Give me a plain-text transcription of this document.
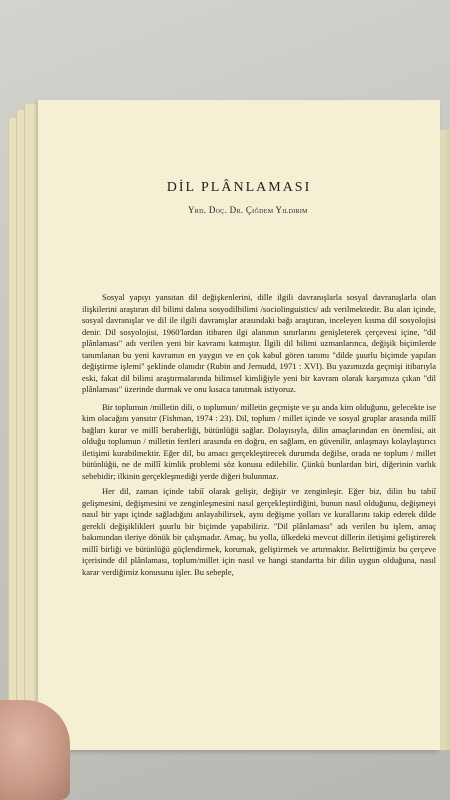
DİL PLÂNLAMASI
Yrd. Doç. Dr. Çiğdem Yıldırım

Sosyal yapıyı yansıtan dil değişkenlerini, dille ilgili davranışlarla sosyal davranışlarla olan ilişkilerini araştıran dil bilimi dalına sosyodilbilimi /sociolinguistics/ adı verilmektedir. Bu alan içinde, sosyal davranışlar ve dil ile ilgili davranışlar arasındaki bağı araştıran, inceleyen kısma dil sosyolojisi denir. Dil sosyolojisi, 1960'lardan itibaren ilgi alanının sınırlarını genişleterek çerçevesi içine, "dil plânlaması" adı verilen yeni bir kavramı katmıştır. İlgili dil bilimi uzmanlarınca, değişik biçimlerde tanımlanan bu yeni kavramın en yaygın ve en çok kabul gören tanımı "dilde şuurlu biçimde yapılan değiştirme işlemi" şeklinde olanıdır (Rubin and Jernudd, 1971 : XVI). Bu yazımızda geçmişi itibarıyla eski, fakat dil bilimi araştırmalarında bilimsel kimliğiyle yeni bir kavram olarak karşımıza çıkan "dil plânlaması" üzerinde durmak ve onu kısaca tanıtmak istiyoruz.

Bir toplumun /milletin dili, o toplumun/ milletin geçmişte ve şu anda kim olduğunu, gelecekte ise kim olacağını yansıtır (Fishman, 1974 : 23). Dil, toplum / millet içinde ve sosyal gruplar arasında millî bağları kurar ve millî beraberliği, bütünlüğü sağlar. Dolayısıyla, dilin amaçlarından en önemlisi, ait olduğu toplumun / milletin fertleri arasında en doğru, en sağlam, en güvenilir, anlaşmayı kolaylaştırıcı iletişimi kurabilmektir. Eğer dil, bu amacı gerçekleştirecek durumda değilse, orada ne toplum / millet bütünlüğü, ne de millî kimlik problemi söz konusu edilebilir. Çünkü bunlardan biri, diğerinin varlık sebebidir; ilkinin gerçekleşmediği yerde diğeri bulunmaz.

Her dil, zaman içinde tabiî olarak gelişir, değişir ve zenginleşir. Eğer biz, dilin bu tabiî gelişmesini, değişmesini ve zenginleşmesini nasıl gerçekleştirdiğini, bunun nasıl olduğunu, değişmeyi nasıl bir yapı içinde sağladığını anlayabilirsek, aynı değişme yolları ve kurallarını takip ederek dilde gerekli değişiklikleri şuurlu bir biçimde yapabiliriz. "Dil plânlaması" adı verilen bu işlem, amaç bakımından ileriye dönük bir çalışmadır. Amaç, bu yolla, ülkedeki mevcut dillerin iletişimi geliştirerek millî birliği ve bütünlüğü güçlendirmek, korumak, geliştirmek ve artırmaktır. Belirttiğimiz bu çerçeve içerisinde dil plânlaması, toplum/millet için nasıl ve hangi standartta bir dilin uygun olduğuna, nasıl karar verdiğimiz konusunu işler. Bu sebeple,
